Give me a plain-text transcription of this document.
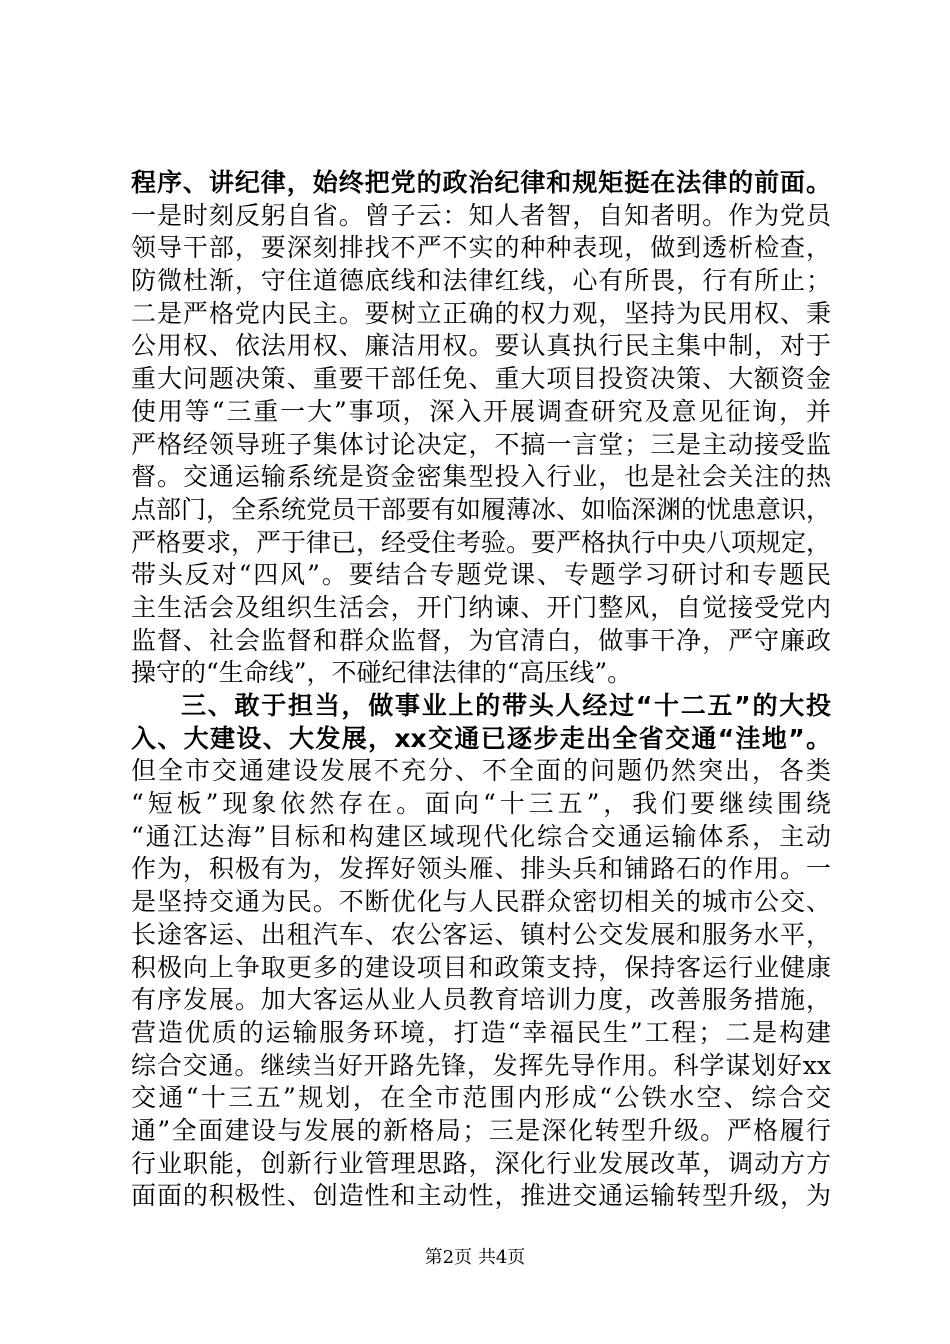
程序、讲纪律，始终把党的政治纪律和规矩挺在法律的前面。
一是时刻反躬自省。曾子云：知人者智，自知者明。作为党员
领导干部，要深刻排找不严不实的种种表现，做到透析检查，
防微杜渐，守住道德底线和法律红线，心有所畏，行有所止；
二是严格党内民主。要树立正确的权力观，坚持为民用权、秉
公用权、依法用权、廉洁用权。要认真执行民主集中制，对于
重大问题决策、重要干部任免、重大项目投资决策、大额资金
使用等“三重一大”事项，深入开展调查研究及意见征询，并
严格经领导班子集体讨论决定，不搞一言堂；三是主动接受监
督。交通运输系统是资金密集型投入行业，也是社会关注的热
点部门，全系统党员干部要有如履薄冰、如临深渊的忧患意识，
严格要求，严于律已，经受住考验。要严格执行中央八项规定，
带头反对“四风”。要结合专题党课、专题学习研讨和专题民
主生活会及组织生活会，开门纳谏、开门整风，自觉接受党内
监督、社会监督和群众监督，为官清白，做事干净，严守廉政
操守的“生命线”，不碰纪律法律的“高压线”。
三、敢于担当，做事业上的带头人经过“十二五”的大投
入、大建设、大发展，xx交通已逐步走出全省交通“洼地”。
但全市交通建设发展不充分、不全面的问题仍然突出，各类
“短板”现象依然存在。面向“十三五”，我们要继续围绕
“通江达海”目标和构建区域现代化综合交通运输体系，主动
作为，积极有为，发挥好领头雁、排头兵和铺路石的作用。一
是坚持交通为民。不断优化与人民群众密切相关的城市公交、
长途客运、出租汽车、农公客运、镇村公交发展和服务水平，
积极向上争取更多的建设项目和政策支持，保持客运行业健康
有序发展。加大客运从业人员教育培训力度，改善服务措施，
营造优质的运输服务环境，打造“幸福民生”工程；二是构建
综合交通。继续当好开路先锋，发挥先导作用。科学谋划好xx
交通“十三五”规划，在全市范围内形成“公铁水空、综合交
通”全面建设与发展的新格局；三是深化转型升级。严格履行
行业职能，创新行业管理思路，深化行业发展改革，调动方方
面面的积极性、创造性和主动性，推进交通运输转型升级，为
第2页 共4页
